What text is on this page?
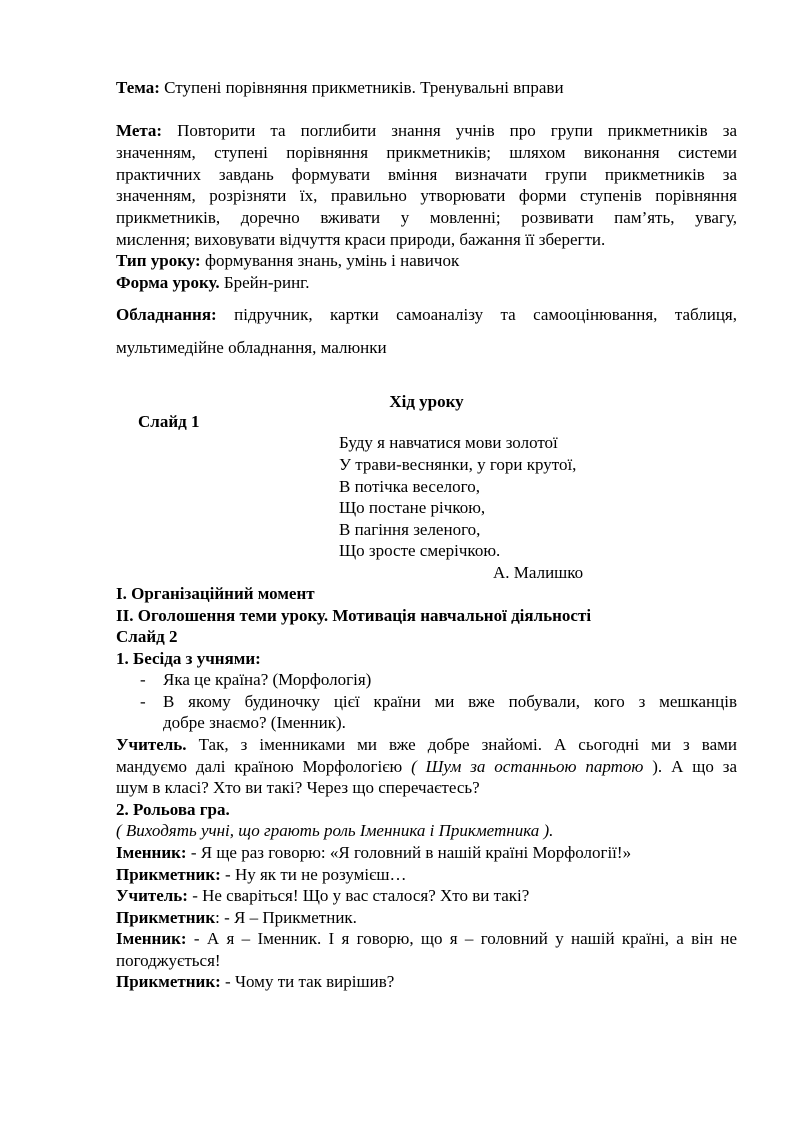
Тема: Ступені порівняння прикметників. Тренувальні вправи
Мета: Повторити та поглибити знання учнів про групи прикметників за
значенням, ступені порівняння прикметників; шляхом виконання системи
практичних завдань формувати вміння визначати групи прикметників за
значенням, розрізняти їх, правильно утворювати форми ступенів порівняння
прикметників, доречно вживати у мовленні; розвивати пам’ять, увагу,
мислення; виховувати відчуття краси природи, бажання її зберегти.
Тип уроку: формування знань, умінь і навичок
Форма уроку. Брейн-ринг.
Обладнання: підручник, картки самоаналізу та самооцінювання, таблиця,
мультимедійне обладнання, малюнки
Хід уроку
Слайд 1
Буду я навчатися мови золотої
У трави-веснянки, у гори крутої,
В потічка веселого,
Що постане річкою,
В пагіння зеленого,
Що зросте смерічкою.
А. Малишко
І. Організаційний момент
ІІ. Оголошення теми уроку. Мотивація навчальної діяльності
Слайд 2
1. Бесіда з учнями:
- Яка це країна? (Морфологія)
- В якому будиночку цієї країни ми вже побували, кого з мешканців
добре знаємо? (Іменник).
Учитель. Так, з іменниками ми вже добре знайомі. А сьогодні ми з вами
мандуємо далі країною Морфологією ( Шум за останньою партою ). А що за
шум в класі? Хто ви такі? Через що сперечаєтесь?
2. Рольова гра.
( Виходять учні, що грають роль Іменника і Прикметника ).
Іменник: - Я ще раз говорю: «Я головний в нашій країні Морфології!»
Прикметник: - Ну як ти не розумієш…
Учитель: - Не сваріться! Що у вас сталося? Хто ви такі?
Прикметник: - Я – Прикметник.
Іменник: - А я – Іменник. І я говорю, що я – головний у нашій країні, а він не
погоджується!
Прикметник: - Чому ти так вирішив?
